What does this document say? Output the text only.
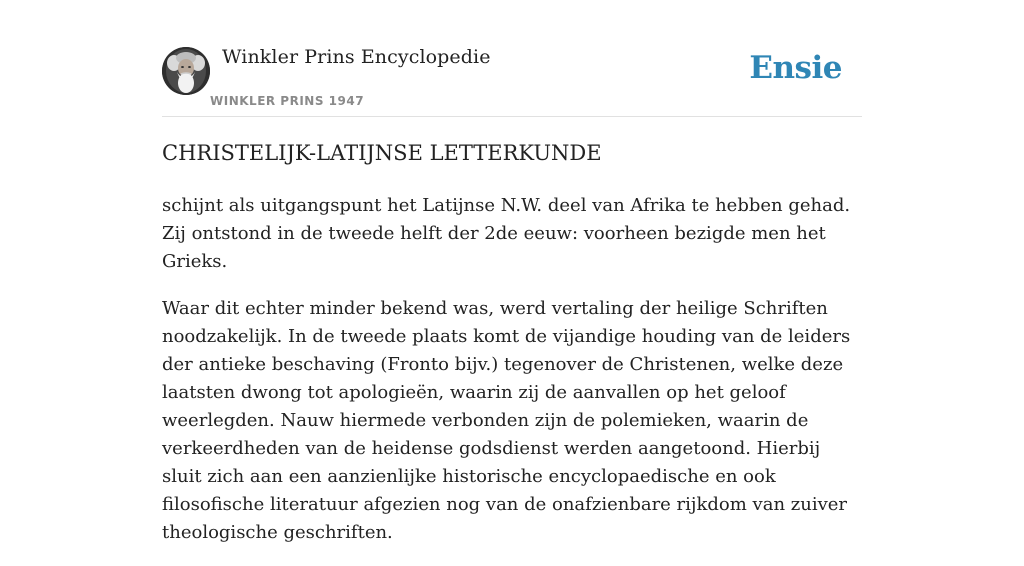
Winkler Prins Encyclopedie
WINKLER PRINS 1947
Ensie
CHRISTELIJK-LATIJNSE LETTERKUNDE

schijnt als uitgangspunt het Latijnse N.W. deel van Afrika te hebben gehad. Zij ontstond in de tweede helft der 2de eeuw: voorheen bezigde men het Grieks.

Waar dit echter minder bekend was, werd vertaling der heilige Schriften noodzakelijk. In de tweede plaats komt de vijandige houding van de leiders der antieke beschaving (Fronto bijv.) tegenover de Christenen, welke deze laatsten dwong tot apologieën, waarin zij de aanvallen op het geloof weerlegden. Nauw hiermede verbonden zijn de polemieken, waarin de verkeerdheden van de heidense godsdienst werden aangetoond. Hierbij sluit zich aan een aanzienlijke historische encyclopaedische en ook filosofische literatuur afgezien nog van de onafzienbare rijkdom van zuiver theologische geschriften.
